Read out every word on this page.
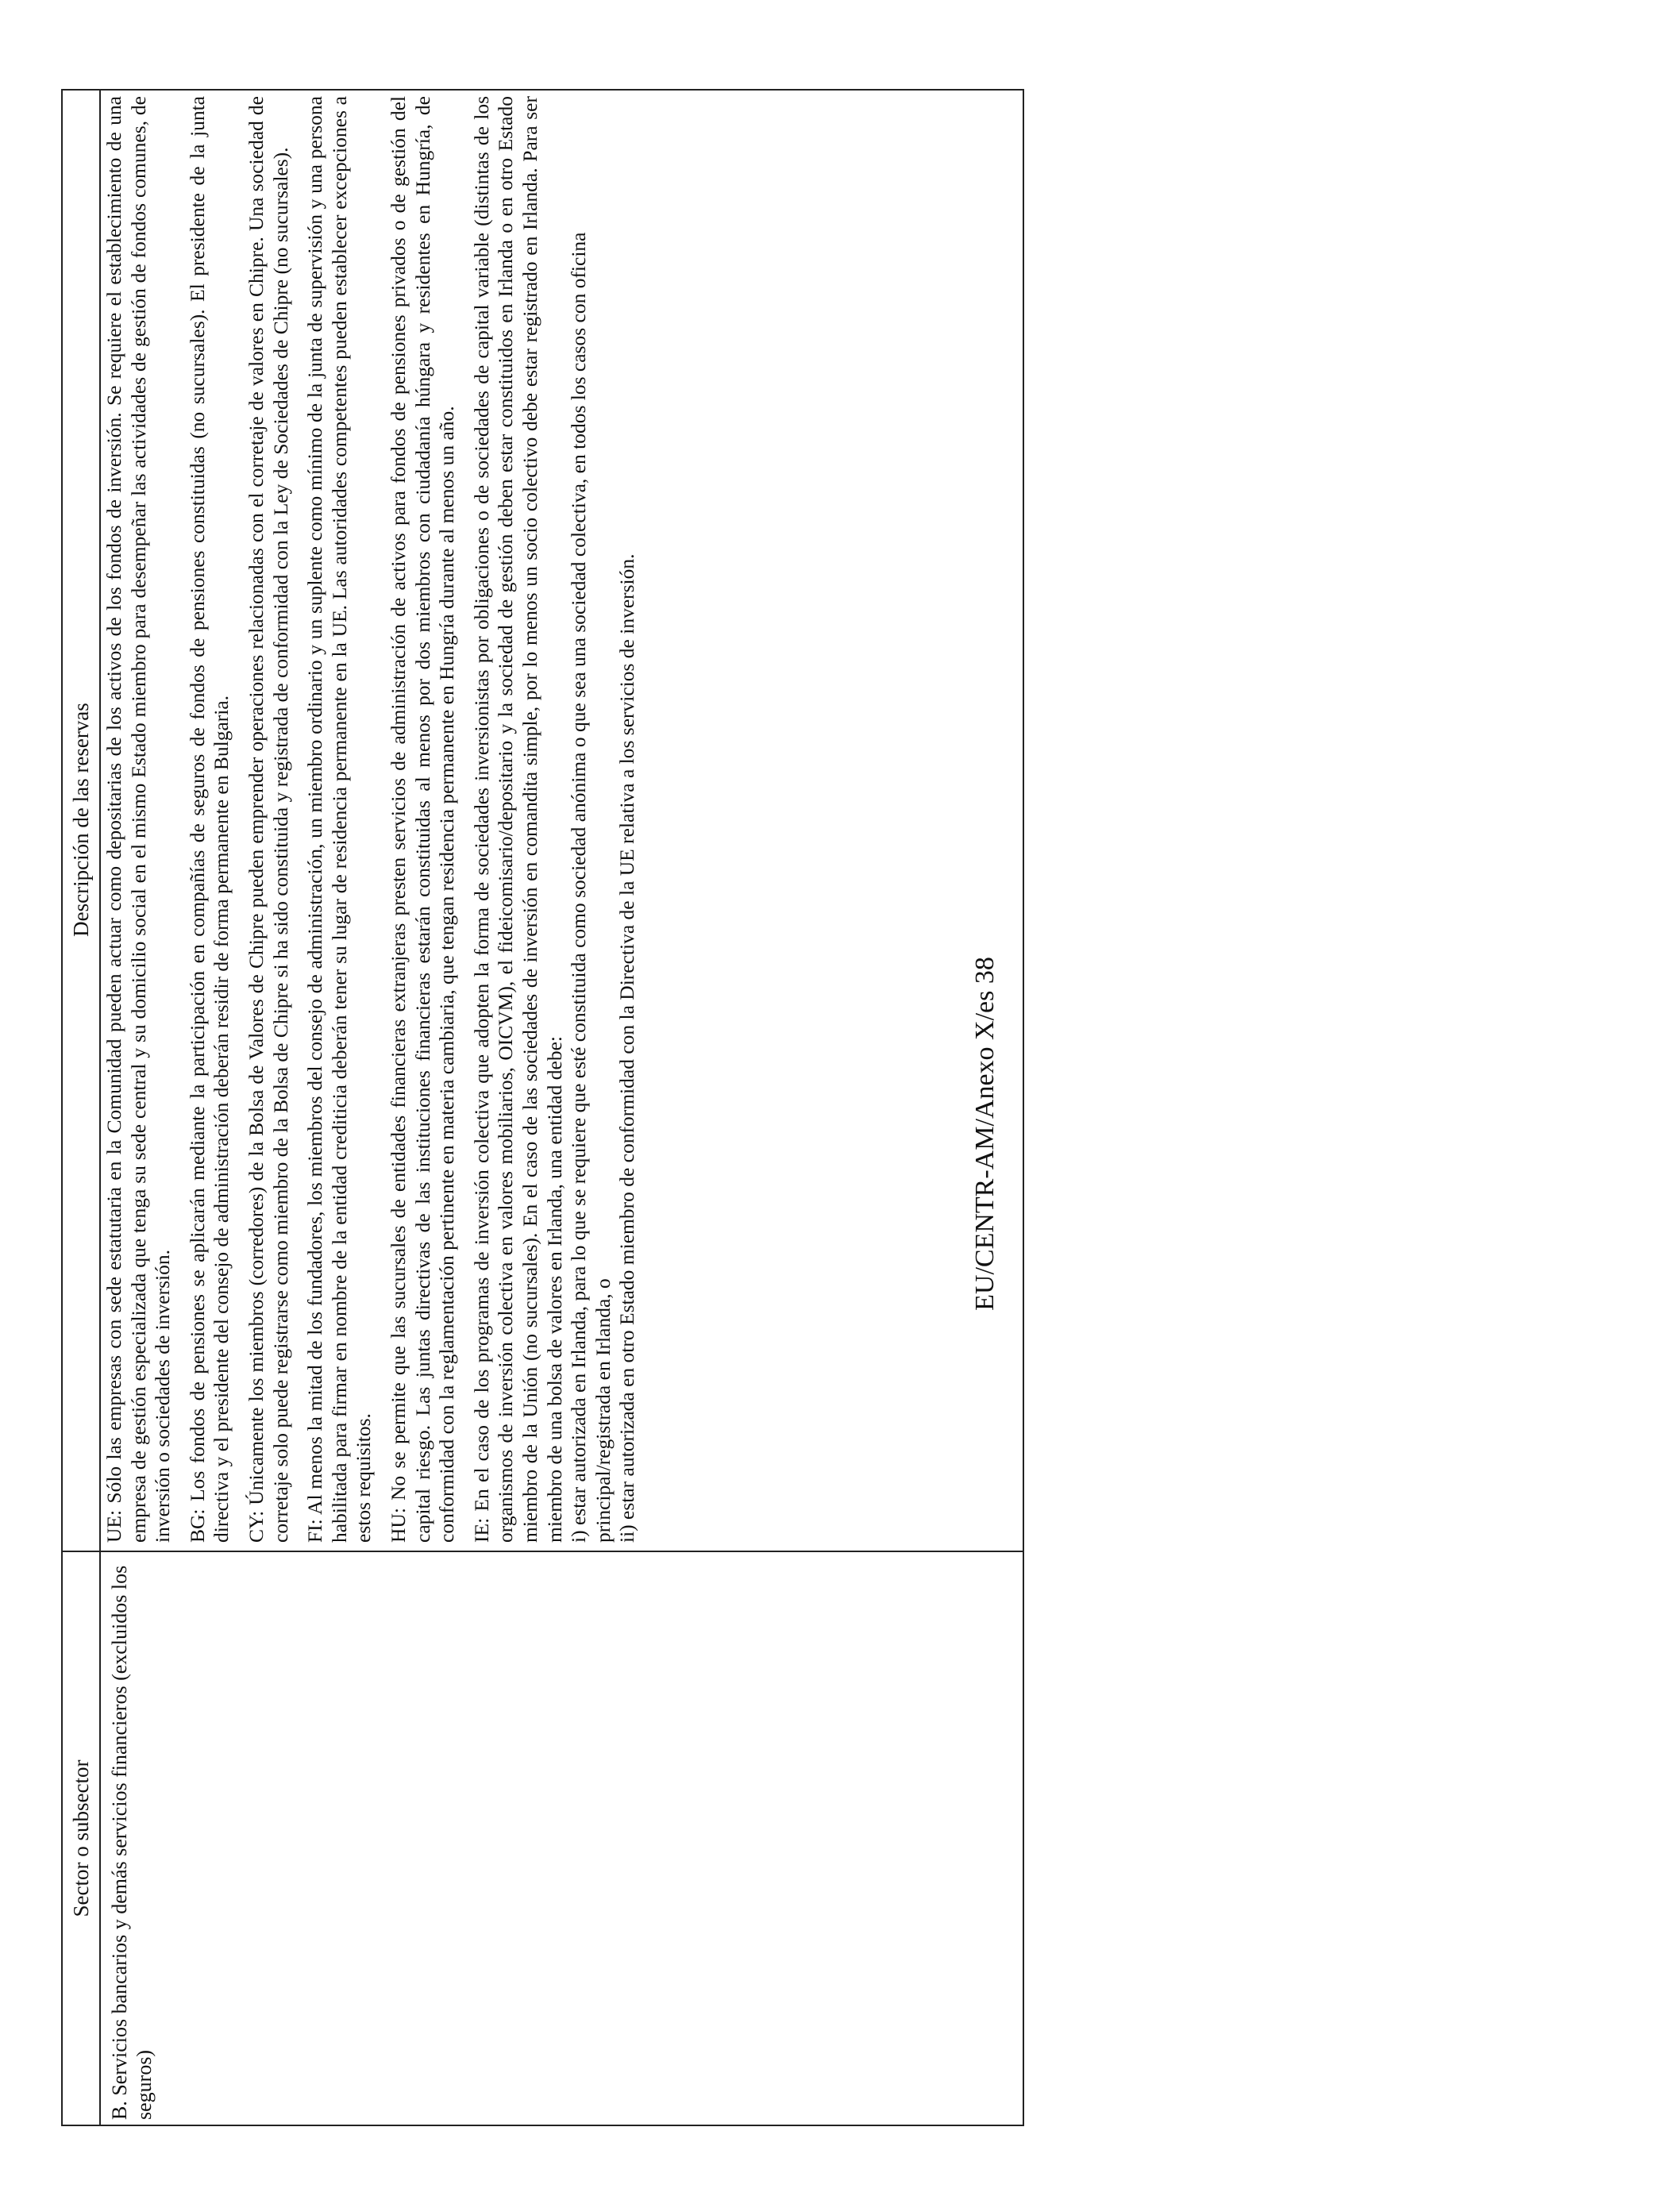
Sector o subsector
Descripción de las reservas
B. Servicios bancarios y demás servicios financieros (excluidos los seguros)

UE: Sólo las empresas con sede estatutaria en la Comunidad pueden actuar como depositarias de los activos de los fondos de inversión. Se requiere el establecimiento de una empresa de gestión especializada que tenga su sede central y su domicilio social en el mismo Estado miembro para desempeñar las actividades de gestión de fondos comunes, de inversión o sociedades de inversión. BG: Los fondos de pensiones se aplicarán mediante la participación en compañías de seguros de fondos de pensiones constituidas (no sucursales). El presidente de la junta directiva y el presidente del consejo de administración deberán residir de forma permanente en Bulgaria. CY: Únicamente los miembros (corredores) de la Bolsa de Valores de Chipre pueden emprender operaciones relacionadas con el corretaje de valores en Chipre. Una sociedad de corretaje solo puede registrarse como miembro de la Bolsa de Chipre si ha sido constituida y registrada de conformidad con la Ley de Sociedades de Chipre (no sucursales). FI: Al menos la mitad de los fundadores, los miembros del consejo de administración, un miembro ordinario y un suplente como mínimo de la junta de supervisión y una persona habilitada para firmar en nombre de la entidad crediticia deberán tener su lugar de residencia permanente en la UE. Las autoridades competentes pueden establecer excepciones a estos requisitos. HU: No se permite que las sucursales de entidades financieras extranjeras presten servicios de administración de activos para fondos de pensiones privados o de gestión del capital riesgo. Las juntas directivas de las instituciones financieras estarán constituidas al menos por dos miembros con ciudadanía húngara y residentes en Hungría, de conformidad con la reglamentación pertinente en materia cambiaria, que tengan residencia permanente en Hungría durante al menos un año. IE: En el caso de los programas de inversión colectiva que adopten la forma de sociedades inversionistas por obligaciones o de sociedades de capital variable (distintas de los organismos de inversión colectiva en valores mobiliarios, OICVM), el fideicomisario/depositario y la sociedad de gestión deben estar constituidos en Irlanda o en otro Estado miembro de la Unión (no sucursales). En el caso de las sociedades de inversión en comandita simple, por lo menos un socio colectivo debe estar registrado en Irlanda. Para ser miembro de una bolsa de valores en Irlanda, una entidad debe: i) estar autorizada en Irlanda, para lo que se requiere que esté constituida como sociedad anónima o que sea una sociedad colectiva, en todos los casos con oficina principal/registrada en Irlanda, o ii) estar autorizada en otro Estado miembro de conformidad con la Directiva de la UE relativa a los servicios de inversión.	EU/CENTR-AM/Anexo X/es 38
